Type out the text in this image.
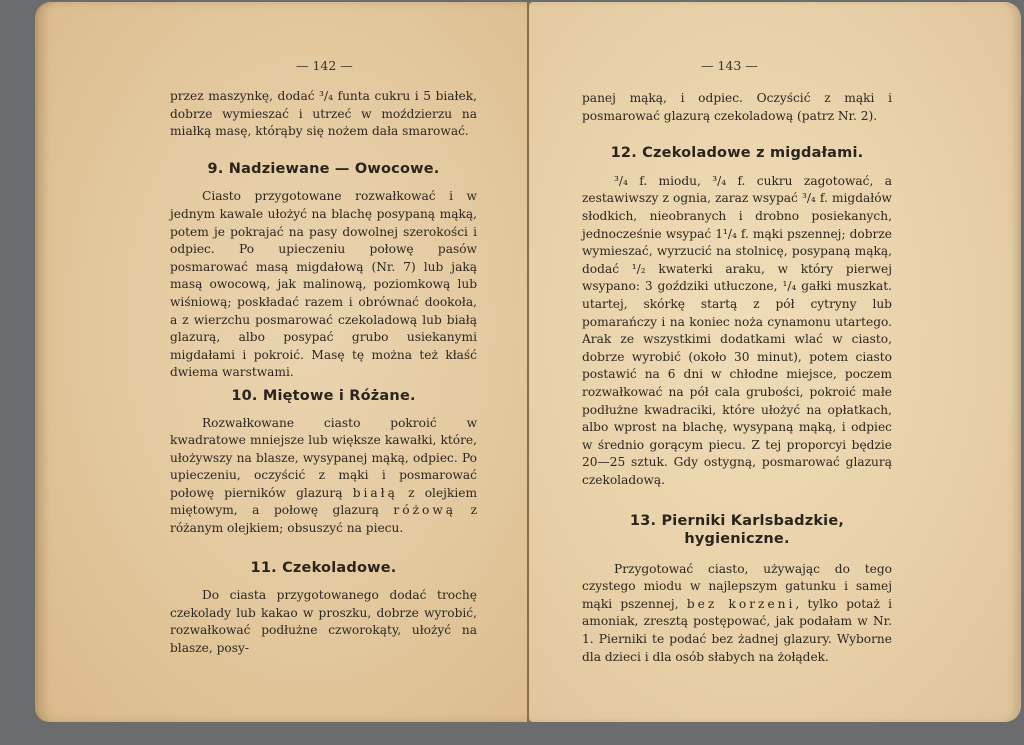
— 142 —

przez maszynkę, dodać ³/₄ funta cukru i 5 białek, dobrze wymieszać i utrzeć w moździerzu na miałką masę, którąby się nożem dała smarować.

9. Nadziewane — Owocowe.

Ciasto przygotowane rozwałkować i w jednym kawale ułożyć na blachę posypaną mąką, potem je pokrajać na pasy dowolnej szerokości i odpiec. Po upieczeniu połowę pasów posmarować masą migdałową (Nr. 7) lub jaką masą owocową, jak malinową, poziomkową lub wiśniową; poskładać razem i obrównać dookoła, a z wierzchu posmarować czekoladową lub białą glazurą, albo posypać grubo usiekanymi migdałami i pokroić. Masę tę można też kłaść dwiema warstwami.

10. Miętowe i Różane.

Rozwałkowane ciasto pokroić w kwadratowe mniejsze lub większe kawałki, które, ułożywszy na blasze, wysypanej mąką, odpiec. Po upieczeniu, oczyścić z mąki i posmarować połowę pierników glazurą białą z olejkiem miętowym, a połowę glazurą różową z różanym olejkiem; obsuszyć na piecu.

11. Czekoladowe.

Do ciasta przygotowanego dodać trochę czekolady lub kakao w proszku, dobrze wyrobić, rozwałkować podłużne czworokąty, ułożyć na blasze, posy-

— 143 —

panej mąką, i odpiec. Oczyścić z mąki i posmarować glazurą czekoladową (patrz Nr. 2).

12. Czekoladowe z migdałami.

³/₄ f. miodu, ³/₄ f. cukru zagotować, a zestawiwszy z ognia, zaraz wsypać ³/₄ f. migdałów słodkich, nieobranych i drobno posiekanych, jednocześnie wsypać 1¹/₄ f. mąki pszennej; dobrze wymieszać, wyrzucić na stolnicę, posypaną mąką, dodać ¹/₂ kwaterki araku, w który pierwej wsypano: 3 goździki utłuczone, ¹/₄ gałki muszkat. utartej, skórkę startą z pół cytryny lub pomarańczy i na koniec noża cynamonu utartego. Arak ze wszystkimi dodatkami wlać w ciasto, dobrze wyrobić (około 30 minut), potem ciasto postawić na 6 dni w chłodne miejsce, poczem rozwałkować na pół cala grubości, pokroić małe podłużne kwadraciki, które ułożyć na opłatkach, albo wprost na blachę, wysypaną mąką, i odpiec w średnio gorącym piecu. Z tej proporcyi będzie 20—25 sztuk. Gdy ostygną, posmarować glazurą czekoladową.

13. Pierniki Karlsbadzkie, hygieniczne.

Przygotować ciasto, używając do tego czystego miodu w najlepszym gatunku i samej mąki pszennej, bez korzeni, tylko potaż i amoniak, zresztą postępować, jak podałam w Nr. 1. Pierniki te podać bez żadnej glazury. Wyborne dla dzieci i dla osób słabych na żołądek.
